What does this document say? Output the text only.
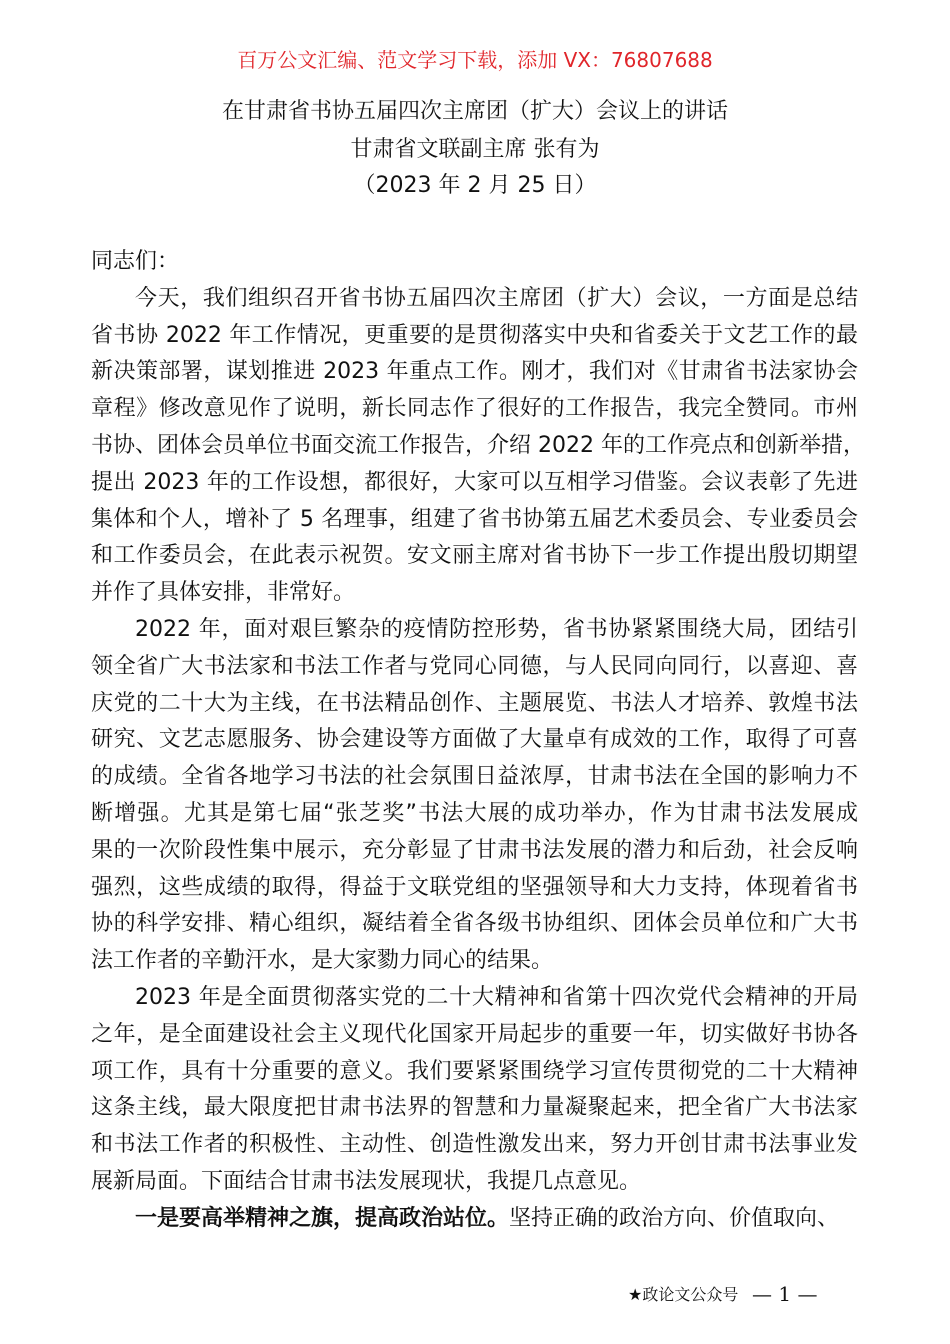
百万公文汇编、范文学习下载，添加 VX：76807688
在甘肃省书协五届四次主席团（扩大）会议上的讲话
甘肃省文联副主席 张有为
（2023 年 2 月 25 日）
同志们：
今天，我们组织召开省书协五届四次主席团（扩大）会议，一方面是总结
省书协 2022 年工作情况，更重要的是贯彻落实中央和省委关于文艺工作的最
新决策部署，谋划推进 2023 年重点工作。刚才，我们对《甘肃省书法家协会
章程》修改意见作了说明，新长同志作了很好的工作报告，我完全赞同。市州
书协、团体会员单位书面交流工作报告，介绍 2022 年的工作亮点和创新举措，
提出 2023 年的工作设想，都很好，大家可以互相学习借鉴。会议表彰了先进
集体和个人，增补了 5 名理事，组建了省书协第五届艺术委员会、专业委员会
和工作委员会，在此表示祝贺。安文丽主席对省书协下一步工作提出殷切期望
并作了具体安排，非常好。
2022 年，面对艰巨繁杂的疫情防控形势，省书协紧紧围绕大局，团结引
领全省广大书法家和书法工作者与党同心同德，与人民同向同行，以喜迎、喜
庆党的二十大为主线，在书法精品创作、主题展览、书法人才培养、敦煌书法
研究、文艺志愿服务、协会建设等方面做了大量卓有成效的工作，取得了可喜
的成绩。全省各地学习书法的社会氛围日益浓厚，甘肃书法在全国的影响力不
断增强。尤其是第七届“张芝奖”书法大展的成功举办，作为甘肃书法发展成
果的一次阶段性集中展示，充分彰显了甘肃书法发展的潜力和后劲，社会反响
强烈，这些成绩的取得，得益于文联党组的坚强领导和大力支持，体现着省书
协的科学安排、精心组织，凝结着全省各级书协组织、团体会员单位和广大书
法工作者的辛勤汗水，是大家勠力同心的结果。
2023 年是全面贯彻落实党的二十大精神和省第十四次党代会精神的开局
之年，是全面建设社会主义现代化国家开局起步的重要一年，切实做好书协各
项工作，具有十分重要的意义。我们要紧紧围绕学习宣传贯彻党的二十大精神
这条主线，最大限度把甘肃书法界的智慧和力量凝聚起来，把全省广大书法家
和书法工作者的积极性、主动性、创造性激发出来，努力开创甘肃书法事业发
展新局面。下面结合甘肃书法发展现状，我提几点意见。
一是要高举精神之旗，提高政治站位。坚持正确的政治方向、价值取向、
★政论文公众号 — 1 —
